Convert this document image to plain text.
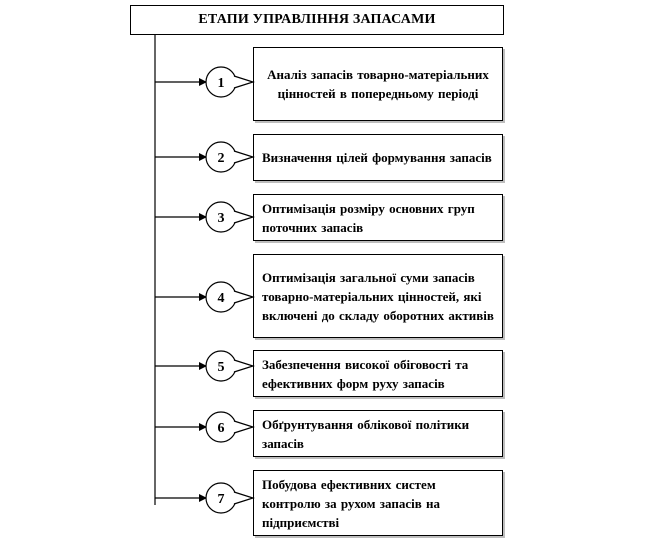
1
2
3
4
5
6
7
ЕТАПИ УПРАВЛІННЯ ЗАПАСАМИ
Аналіз запасів товарно-матеріальних цінностей в попередньому періоді
Визначення цілей формування запасів
Оптимізація розміру основних груп поточних запасів
Оптимізація загальної суми запасів товарно-матеріальних цінностей, які включені до складу оборотних активів
Забезпечення високої обіговості та ефективних форм руху запасів
Обґрунтування облікової політики запасів
Побудова ефективних систем контролю за рухом запасів на підприємстві
